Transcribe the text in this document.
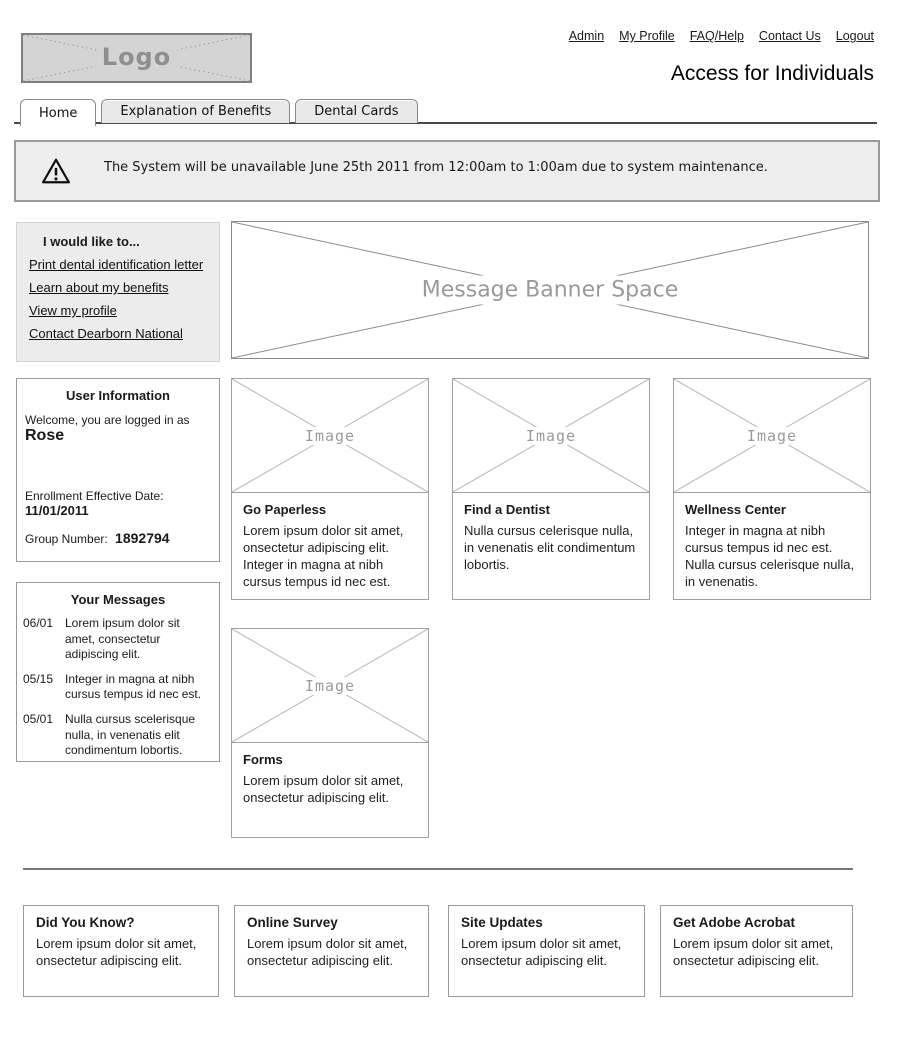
Logo
Admin My Profile FAQ/Help Contact Us Logout
Access for Individuals
Home	Explanation of Benefits	Dental Cards
The System will be unavailable June 25th 2011 from 12:00am to 1:00am due to system maintenance.
I would like to...
Print dental identification letter
Learn about my benefits
View my profile
Contact Dearborn National
Message Banner Space
User Information
Welcome, you are logged in as Rose
Enrollment Effective Date: 11/01/2011
Group Number: 1892794
Your Messages
06/01 Lorem ipsum dolor sit amet, consectetur adipiscing elit.
05/15 Integer in magna at nibh cursus tempus id nec est.
05/01 Nulla cursus scelerisque nulla, in venenatis elit condimentum lobortis.
Image
Go Paperless
Lorem ipsum dolor sit amet, onsectetur adipiscing elit. Integer in magna at nibh cursus tempus id nec est.
Image
Find a Dentist
Nulla cursus celerisque nulla, in venenatis elit condimentum lobortis.
Image
Wellness Center
Integer in magna at nibh cursus tempus id nec est. Nulla cursus celerisque nulla, in venenatis.
Image
Forms
Lorem ipsum dolor sit amet, onsectetur adipiscing elit.
Did You Know?
Lorem ipsum dolor sit amet, onsectetur adipiscing elit.
Online Survey
Lorem ipsum dolor sit amet, onsectetur adipiscing elit.
Site Updates
Lorem ipsum dolor sit amet, onsectetur adipiscing elit.
Get Adobe Acrobat
Lorem ipsum dolor sit amet, onsectetur adipiscing elit.
